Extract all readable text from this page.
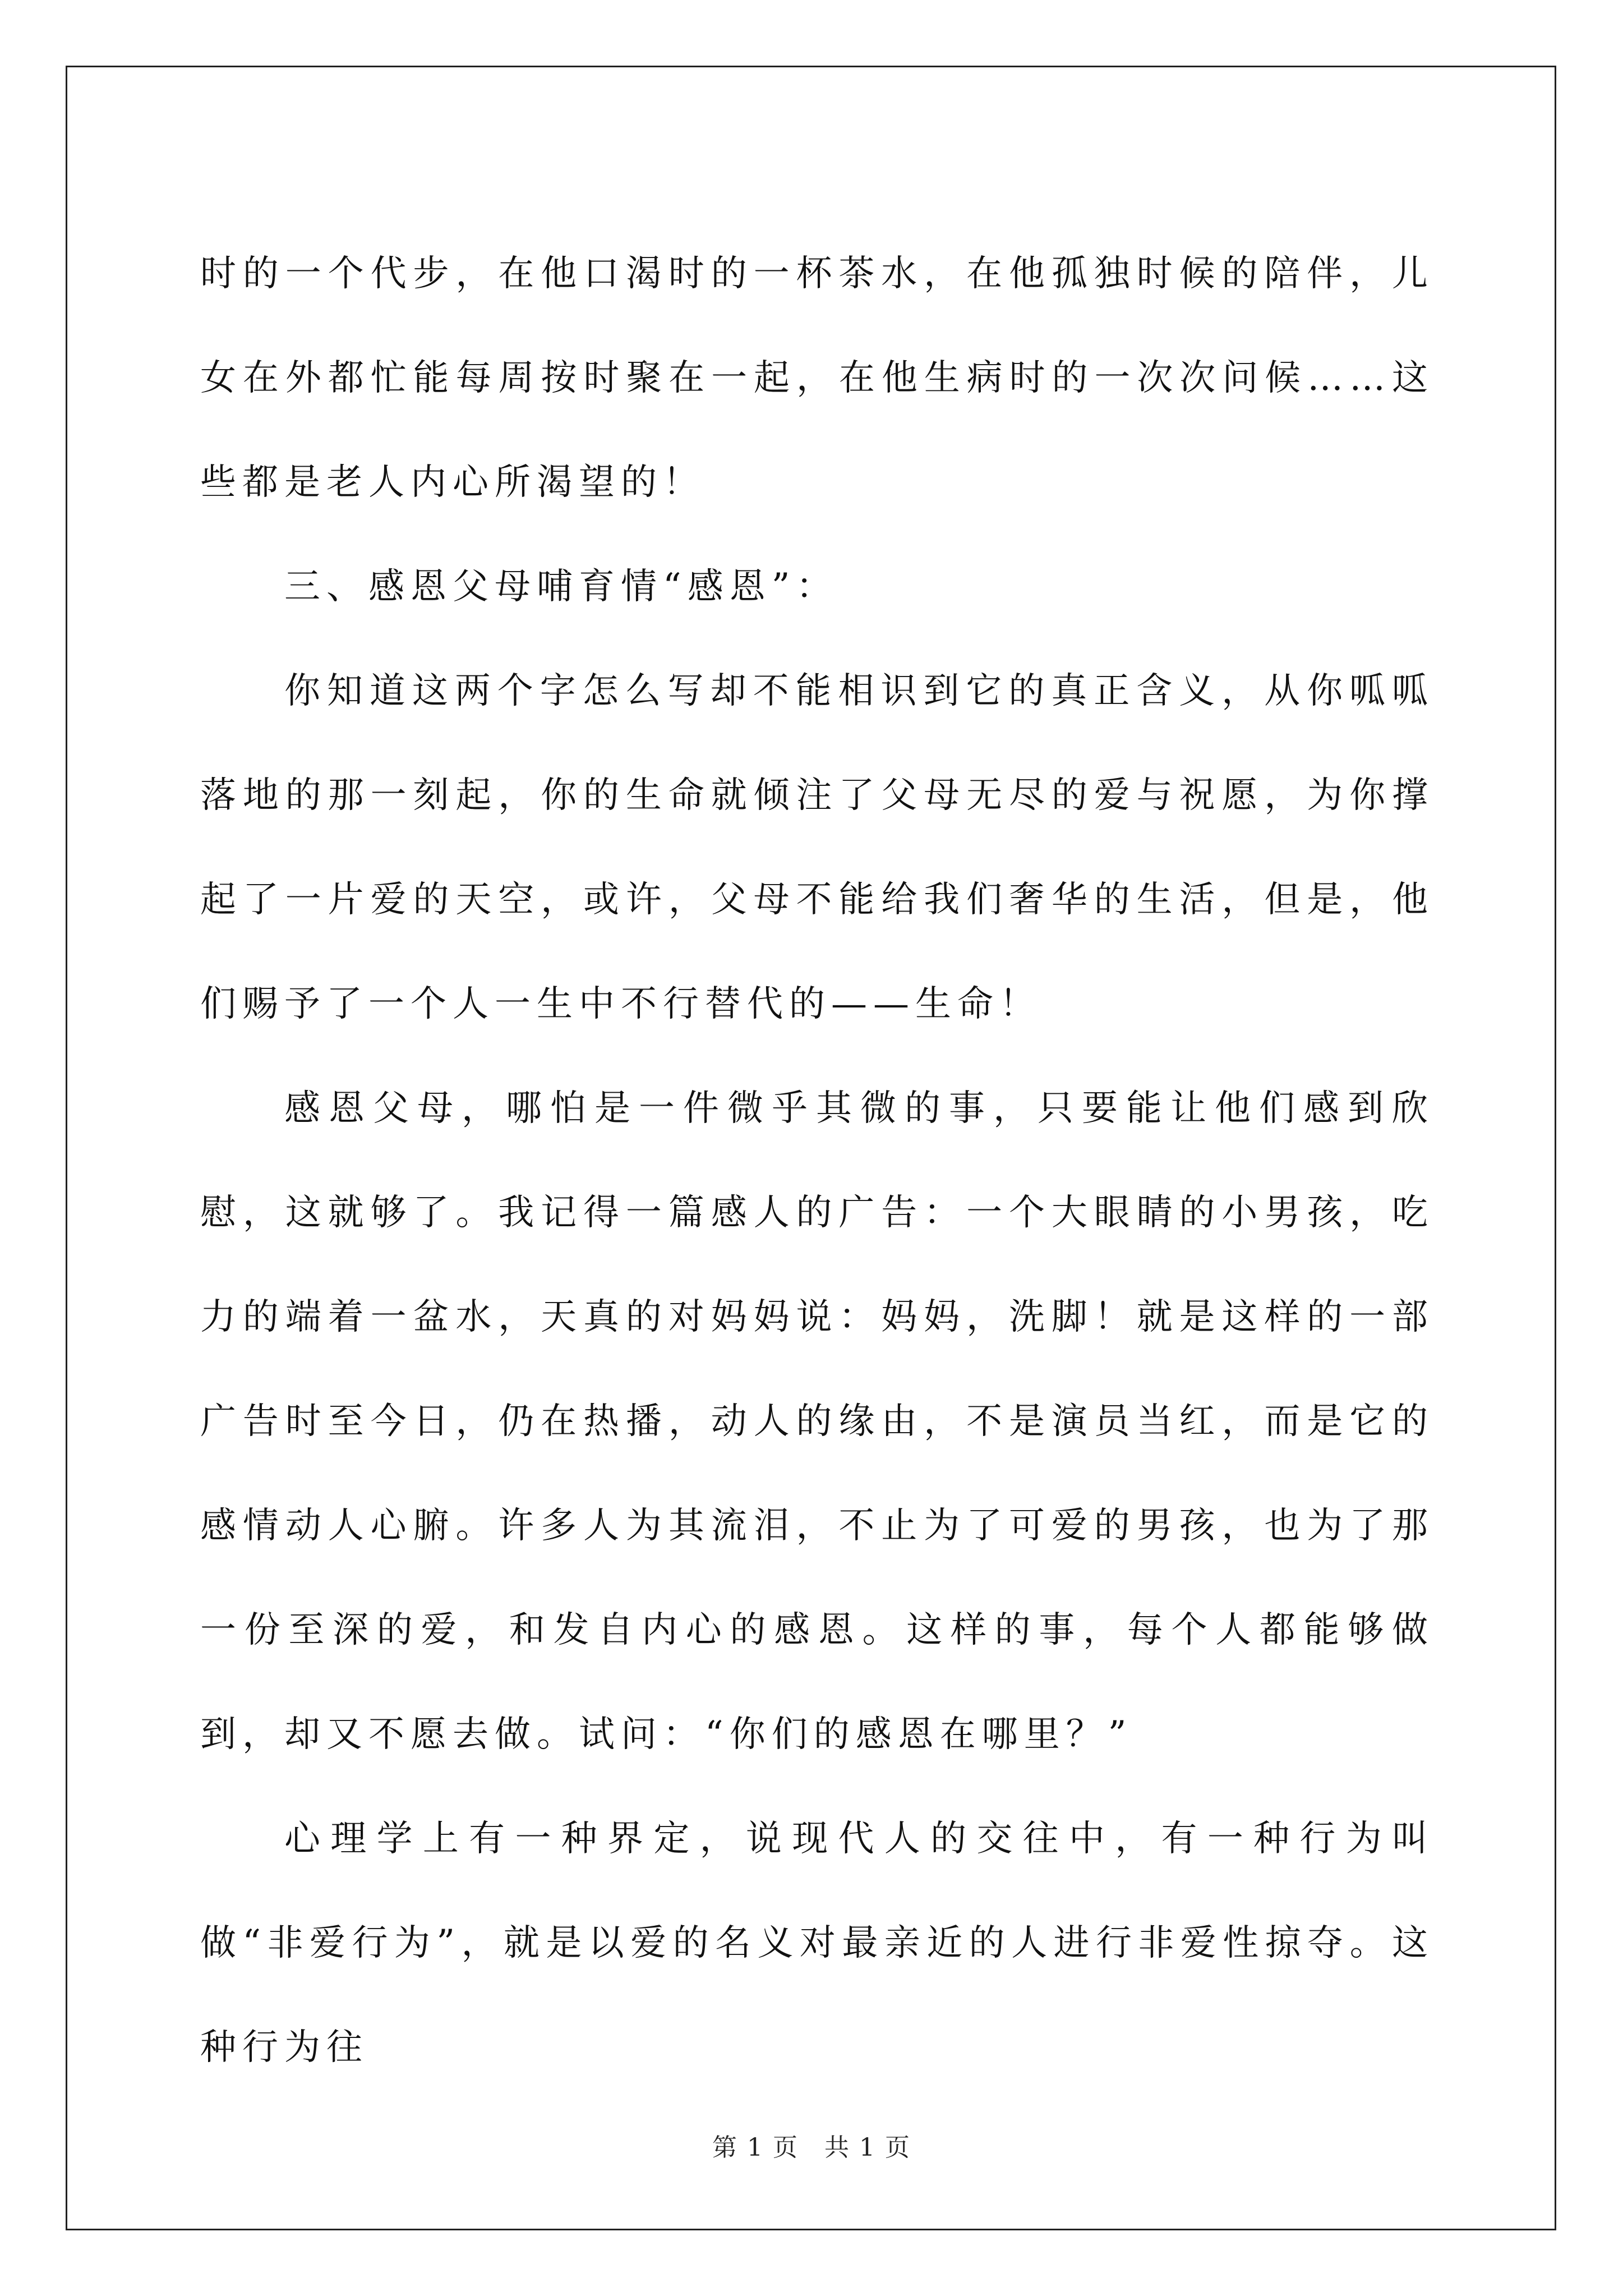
时的一个代步，在他口渴时的一杯茶水，在他孤独时候的陪伴，儿女在外都忙能每周按时聚在一起，在他生病时的一次次问候……这些都是老人内心所渴望的！

三、感恩父母哺育情“感恩”：

你知道这两个字怎么写却不能相识到它的真正含义，从你呱呱落地的那一刻起，你的生命就倾注了父母无尽的爱与祝愿，为你撑起了一片爱的天空，或许，父母不能给我们奢华的生活，但是，他们赐予了一个人一生中不行替代的——生命！

感恩父母，哪怕是一件微乎其微的事，只要能让他们感到欣慰，这就够了。我记得一篇感人的广告：一个大眼睛的小男孩，吃力的端着一盆水，天真的对妈妈说：妈妈，洗脚！就是这样的一部广告时至今日，仍在热播，动人的缘由，不是演员当红，而是它的感情动人心腑。许多人为其流泪，不止为了可爱的男孩，也为了那一份至深的爱，和发自内心的感恩。这样的事，每个人都能够做到，却又不愿去做。试问：“你们的感恩在哪里？”

心理学上有一种界定，说现代人的交往中，有一种行为叫做“非爱行为”，就是以爱的名义对最亲近的人进行非爱性掠夺。这种行为往

第 1 页　共 1 页
